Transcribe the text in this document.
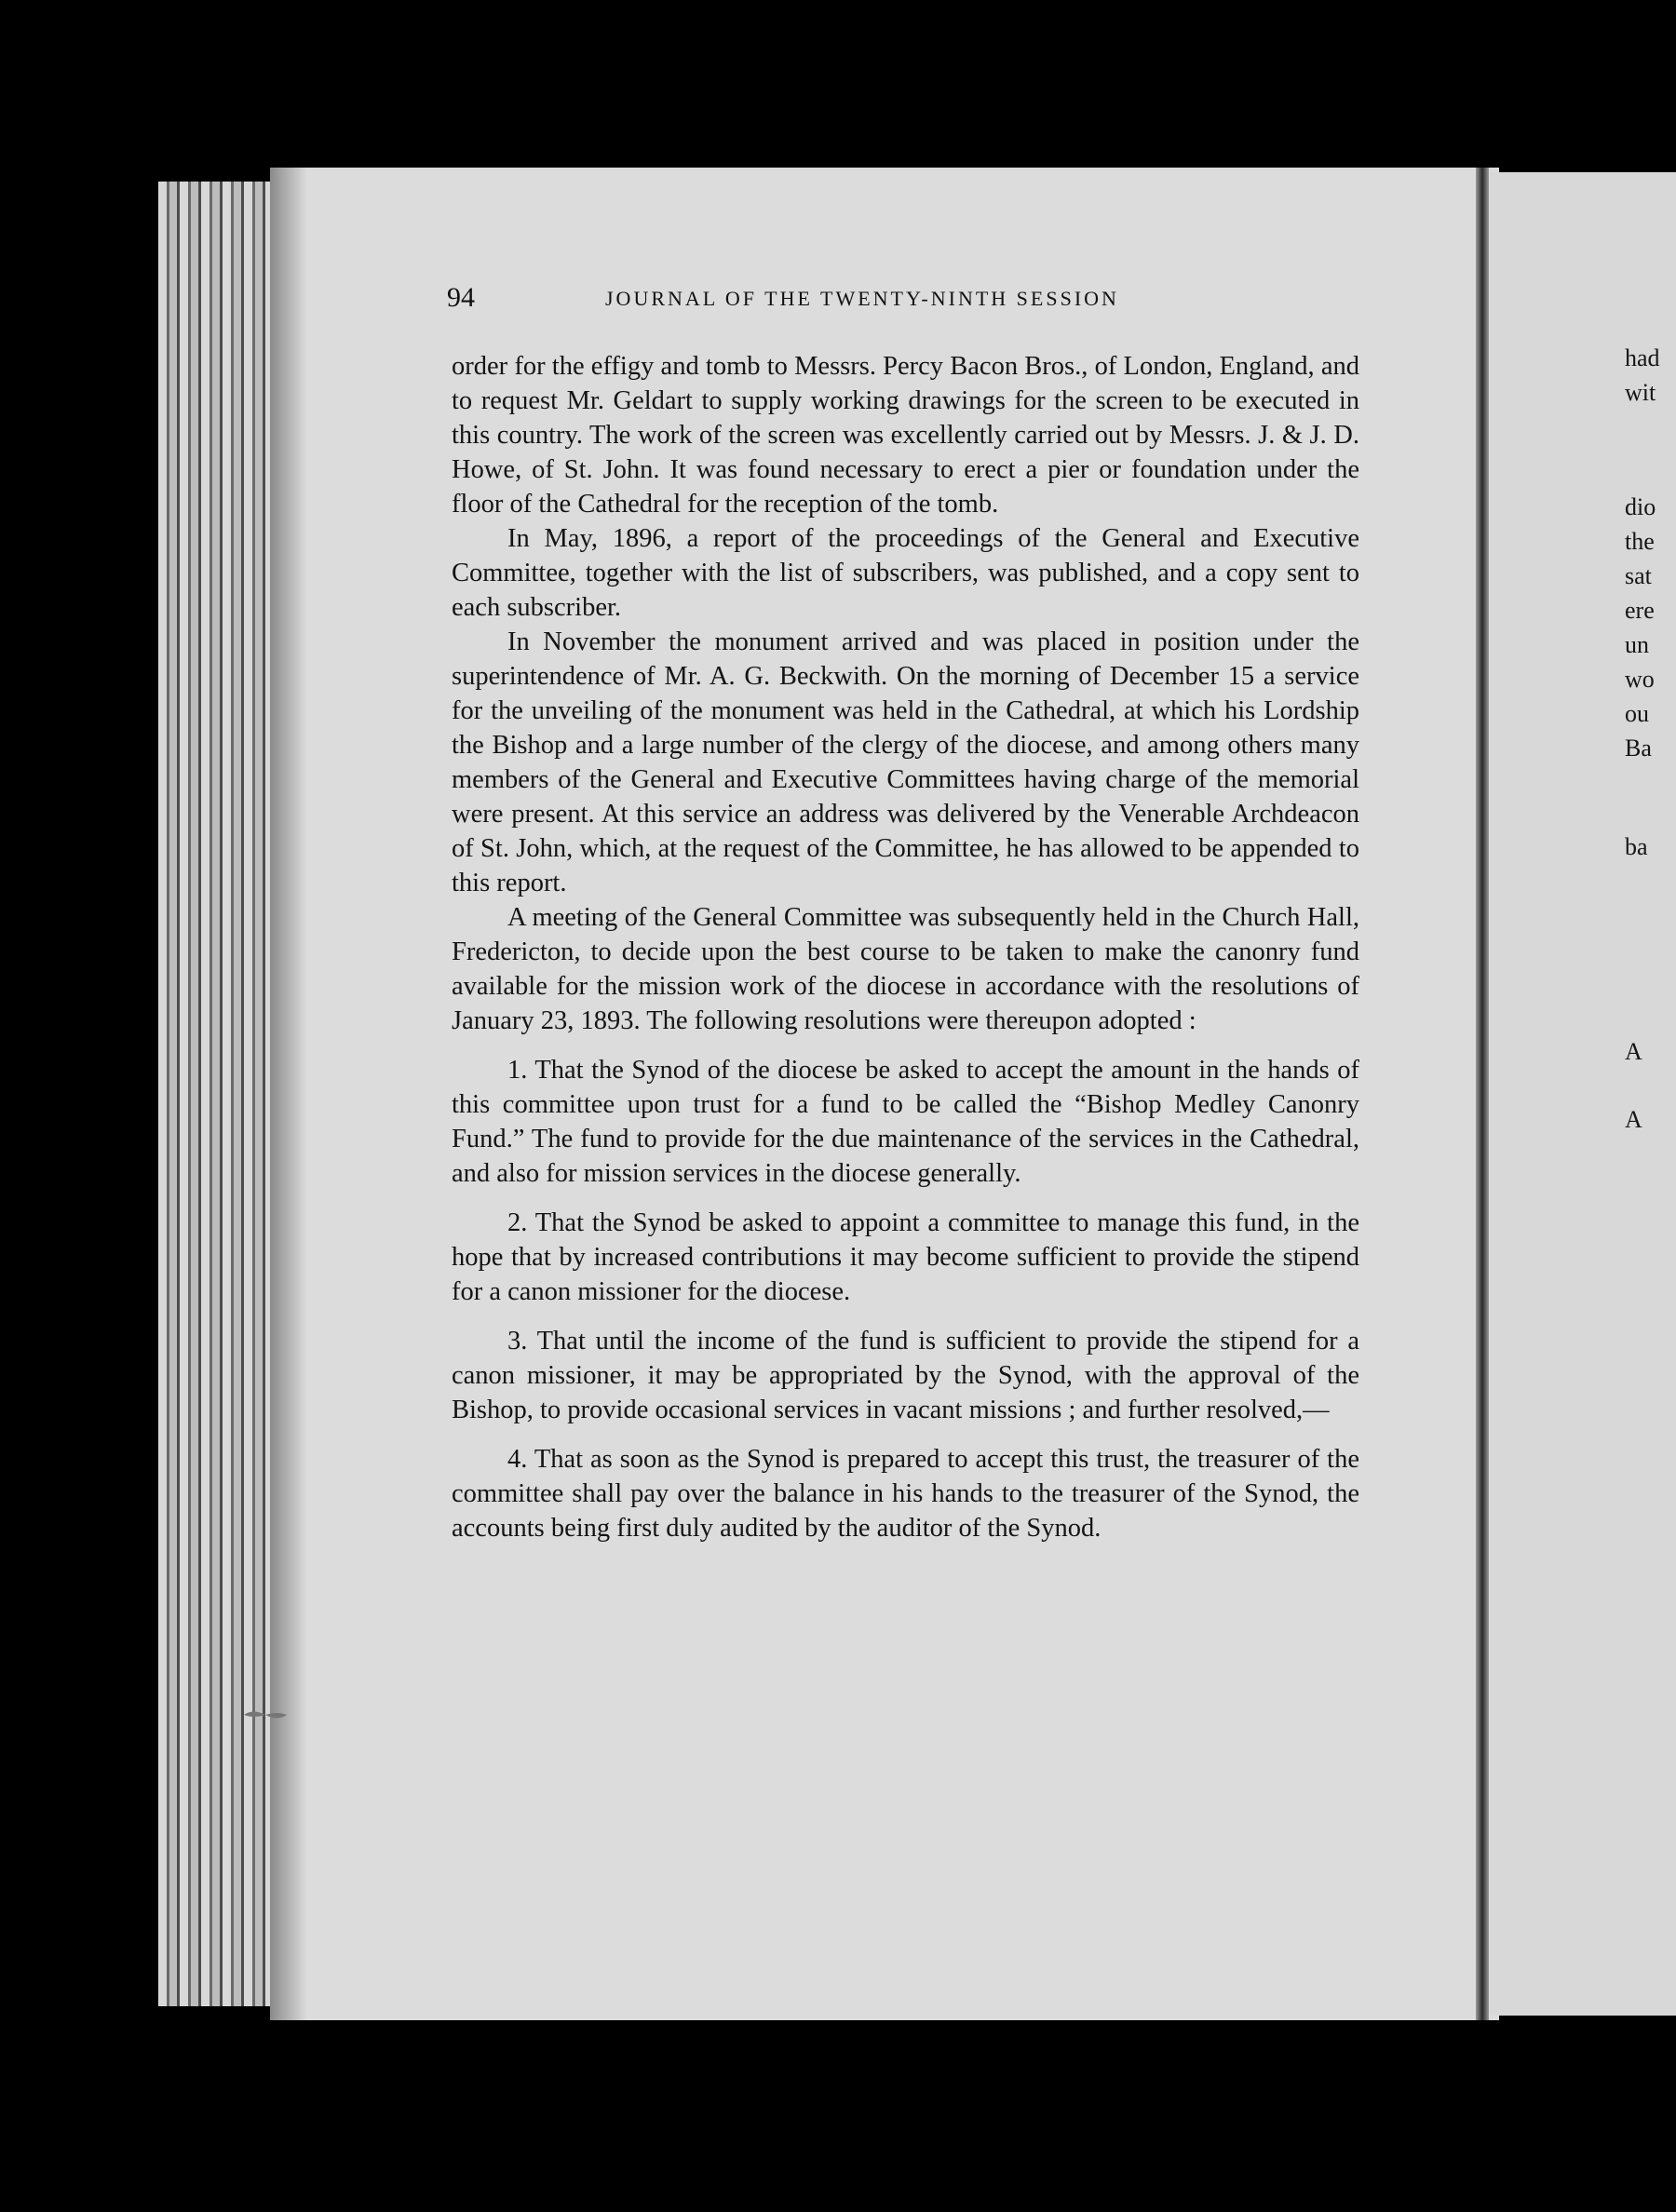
94	JOURNAL OF THE TWENTY-NINTH SESSION

order for the effigy and tomb to Messrs. Percy Bacon Bros., of London, England, and to request Mr. Geldart to supply working drawings for the screen to be executed in this country. The work of the screen was excellently carried out by Messrs. J. & J. D. Howe, of St. John. It was found necessary to erect a pier or foundation under the floor of the Cathedral for the reception of the tomb.

In May, 1896, a report of the proceedings of the General and Executive Committee, together with the list of subscribers, was published, and a copy sent to each subscriber.

In November the monument arrived and was placed in position under the superintendence of Mr. A. G. Beckwith. On the morning of December 15 a service for the unveiling of the monument was held in the Cathedral, at which his Lordship the Bishop and a large number of the clergy of the diocese, and among others many members of the General and Executive Committees having charge of the memorial were present. At this service an address was delivered by the Venerable Archdeacon of St. John, which, at the request of the Committee, he has allowed to be appended to this report.

A meeting of the General Committee was subsequently held in the Church Hall, Fredericton, to decide upon the best course to be taken to make the canonry fund available for the mission work of the diocese in accordance with the resolutions of January 23, 1893. The following resolutions were thereupon adopted :

1. That the Synod of the diocese be asked to accept the amount in the hands of this committee upon trust for a fund to be called the “Bishop Medley Canonry Fund.” The fund to provide for the due maintenance of the services in the Cathedral, and also for mission services in the diocese generally.

2. That the Synod be asked to appoint a committee to manage this fund, in the hope that by increased contributions it may become sufficient to provide the stipend for a canon missioner for the diocese.

3. That until the income of the fund is sufficient to provide the stipend for a canon missioner, it may be appropriated by the Synod, with the approval of the Bishop, to provide occasional services in vacant missions ; and further resolved,—

4. That as soon as the Synod is prepared to accept this trust, the treasurer of the committee shall pay over the balance in his hands to the treasurer of the Synod, the accounts being first duly audited by the auditor of the Synod.

had
wit
dio
the
sat
ere
un
wo
ou
Ba
ba
A
A
